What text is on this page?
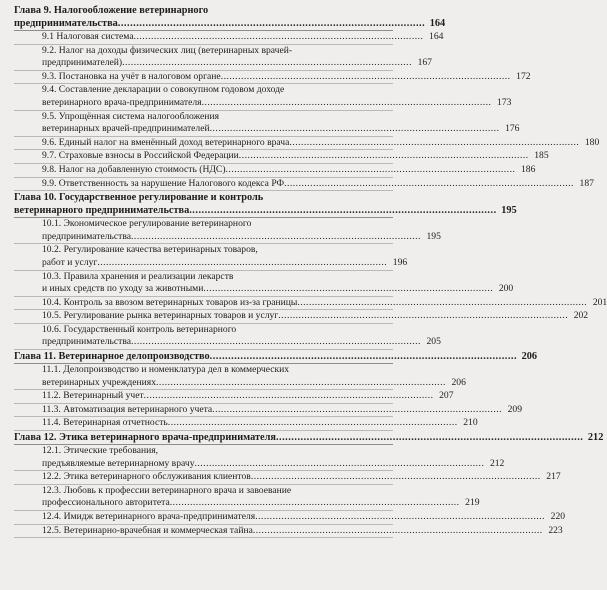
Глава 9. Налогообложение ветеринарного
предпринимательства .....	164
9.1 Налоговая система .....	164
9.2. Налог на доходы физических лиц (ветеринарных врачей-
предпринимателей) .....	167
9.3. Постановка на учёт в налоговом органе .....	172
9.4. Составление декларации о совокупном годовом доходе
ветеринарного врача-предпринимателя .....	173
9.5. Упрощённая система налогообложения
ветеринарных врачей-предпринимателей .....	176
9.6. Единый налог на вменённый доход ветеринарного врача .....	180
9.7. Страховые взносы в Российской Федерации .....	185
9.8. Налог на добавленную стоимость (НДС) .....	186
9.9. Ответственность за нарушение Налогового кодекса РФ .....	187
Глава 10. Государственное регулирование и контроль
ветеринарного предпринимательства .....	195
10.1. Экономическое регулирование ветеринарного
предпринимательства .....	195
10.2. Регулирование качества ветеринарных товаров,
работ и услуг .....	196
10.3. Правила хранения и реализации лекарств
и иных средств по уходу за животными .....	200
10.4. Контроль за ввозом ветеринарных товаров из-за границы .....	201
10.5. Регулирование рынка ветеринарных товаров и услуг .....	202
10.6. Государственный контроль ветеринарного
предпринимательства .....	205
Глава 11. Ветеринарное делопроизводство .....	206
11.1. Делопроизводство и номенклатура дел в коммерческих
ветеринарных учреждениях .....	206
11.2. Ветеринарный учет .....	207
11.3. Автоматизация ветеринарного учета .....	209
11.4. Ветеринарная отчетность .....	210
Глава 12. Этика ветеринарного врача-предпринимателя .....	212
12.1. Этические требования,
предъявляемые ветеринарному врачу .....	212
12.2. Этика ветеринарного обслуживания клиентов .....	217
12.3. Любовь к профессии ветеринарного врача и завоевание
профессионального авторитета .....	219
12.4. Имидж ветеринарного врача-предпринимателя .....	220
12.5. Ветеринарно-врачебная и коммерческая тайна .....	223
